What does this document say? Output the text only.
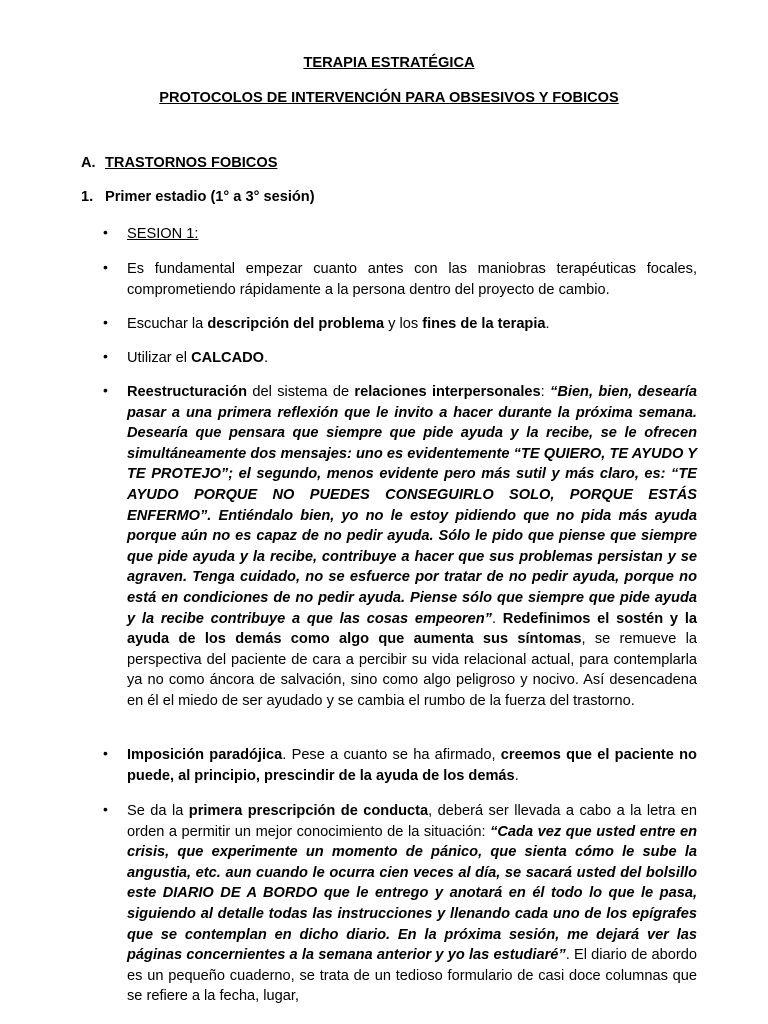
TERAPIA ESTRATÉGICA
PROTOCOLOS DE INTERVENCIÓN PARA OBSESIVOS Y FOBICOS
A. TRASTORNOS FOBICOS
1. Primer estadio (1° a 3° sesión)
• SESION 1:
• Es fundamental empezar cuanto antes con las maniobras terapéuticas focales, comprometiendo rápidamente a la persona dentro del proyecto de cambio.
• Escuchar la descripción del problema y los fines de la terapia.
• Utilizar el CALCADO.
• Reestructuración del sistema de relaciones interpersonales: “Bien, bien, desearía pasar a una primera reflexión que le invito a hacer durante la próxima semana. Desearía que pensara que siempre que pide ayuda y la recibe, se le ofrecen simultáneamente dos mensajes: uno es evidentemente “TE QUIERO, TE AYUDO Y TE PROTEJO”; el segundo, menos evidente pero más sutil y más claro, es: “TE AYUDO PORQUE NO PUEDES CONSEGUIRLO SOLO, PORQUE ESTÁS ENFERMO”. Entiéndalo bien, yo no le estoy pidiendo que no pida más ayuda porque aún no es capaz de no pedir ayuda. Sólo le pido que piense que siempre que pide ayuda y la recibe, contribuye a hacer que sus problemas persistan y se agraven. Tenga cuidado, no se esfuerce por tratar de no pedir ayuda, porque no está en condiciones de no pedir ayuda. Piense sólo que siempre que pide ayuda y la recibe contribuye a que las cosas empeoren”. Redefinimos el sostén y la ayuda de los demás como algo que aumenta sus síntomas, se remueve la perspectiva del paciente de cara a percibir su vida relacional actual, para contemplarla ya no como áncora de salvación, sino como algo peligroso y nocivo. Así desencadena en él el miedo de ser ayudado y se cambia el rumbo de la fuerza del trastorno.
• Imposición paradójica. Pese a cuanto se ha afirmado, creemos que el paciente no puede, al principio, prescindir de la ayuda de los demás.
• Se da la primera prescripción de conducta, deberá ser llevada a cabo a la letra en orden a permitir un mejor conocimiento de la situación: “Cada vez que usted entre en crisis, que experimente un momento de pánico, que sienta cómo le sube la angustia, etc. aun cuando le ocurra cien veces al día, se sacará usted del bolsillo este DIARIO DE A BORDO que le entrego y anotará en él todo lo que le pasa, siguiendo al detalle todas las instrucciones y llenando cada uno de los epígrafes que se contemplan en dicho diario. En la próxima sesión, me dejará ver las páginas concernientes a la semana anterior y yo las estudiaré”. El diario de abordo es un pequeño cuaderno, se trata de un tedioso formulario de casi doce columnas que se refiere a la fecha, lugar,
